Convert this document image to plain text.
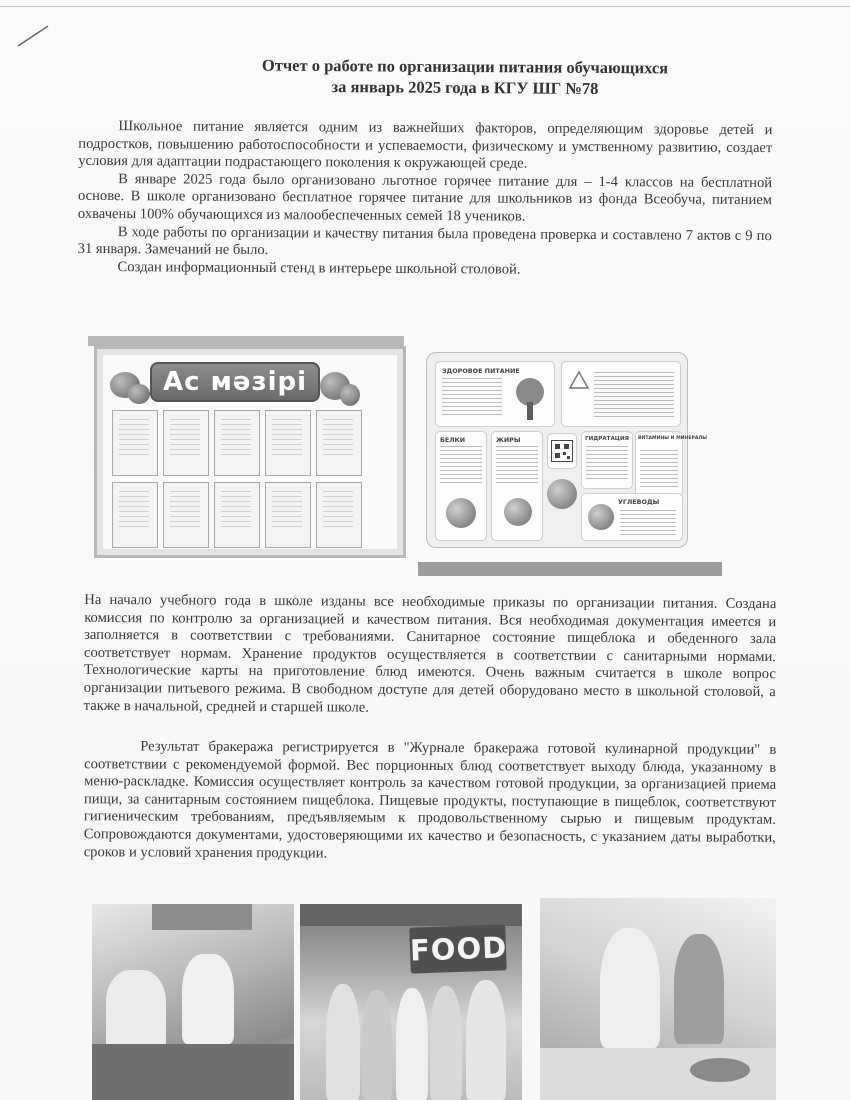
Отчет о работе по организации питания обучающихся
за январь 2025 года в КГУ ШГ №78

Школьное питание является одним из важнейших факторов, определяющим здоровье детей и подростков, повышению работоспособности и успеваемости, физическому и умственному развитию, создает условия для адаптации подрастающего поколения к окружающей среде.

В январе 2025 года было организовано льготное горячее питание для – 1-4 классов на бесплатной основе. В школе организовано бесплатное горячее питание для школьников из фонда Всеобуча, питанием охвачены 100% обучающихся из малообеспеченных семей 18 учеников.

В ходе работы по организации и качеству питания была проведена проверка и составлено 7 актов с 9 по 31 января. Замечаний не было.

Создан информационный стенд в интерьере школьной столовой.

Ас мәзірі	ЗДОРОВОЕ ПИТАНИЕ
БЕЛКИ	ЖИРЫ	ГИДРАТАЦИЯ ВИТАМИНЫ И МИНЕРАЛЫ
УГЛЕВОДЫ

На начало учебного года в школе изданы все необходимые приказы по организации питания. Создана комиссия по контролю за организацией и качеством питания. Вся необходимая документация имеется и заполняется в соответствии с требованиями. Санитарное состояние пищеблока и обеденного зала соответствует нормам. Хранение продуктов осуществляется в соответствии с санитарными нормами. Технологические карты на приготовление блюд имеются. Очень важным считается в школе вопрос организации питьевого режима. В свободном доступе для детей оборудовано место в школьной столовой, а также в начальной, средней и старшей школе.

Результат бракеража регистрируется в "Журнале бракеража готовой кулинарной продукции" в соответствии с рекомендуемой формой. Вес порционных блюд соответствует выходу блюда, указанному в меню-раскладке. Комиссия осуществляет контроль за качеством готовой продукции, за организацией приема пищи, за санитарным состоянием пищеблока. Пищевые продукты, поступающие в пищеблок, соответствуют гигиеническим требованиям, предъявляемым к продовольственному сырью и пищевым продуктам. Сопровождаются документами, удостоверяющими их качество и безопасность, с указанием даты выработки, сроков и условий хранения продукции.

FOOD
